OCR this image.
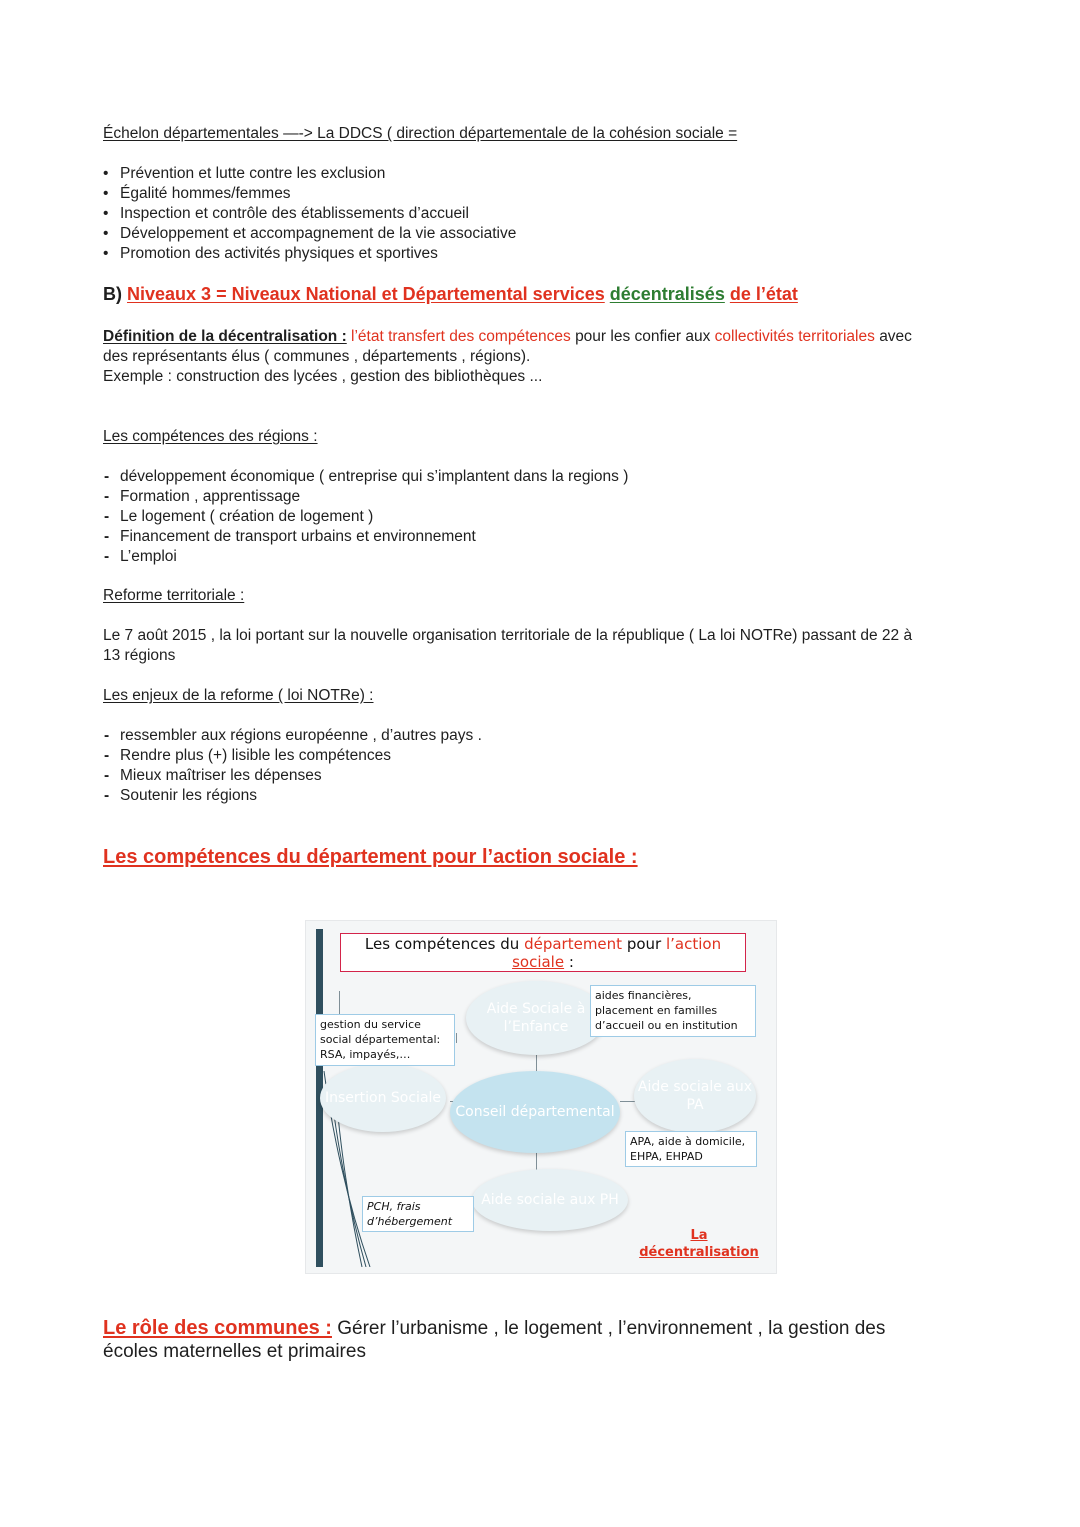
Échelon départementales —-> La DDCS ( direction départementale de la cohésion sociale =
• Prévention et lutte contre les exclusion
• Égalité hommes/femmes
• Inspection et contrôle des établissements d’accueil
• Développement et accompagnement de la vie associative
• Promotion des activités physiques et sportives
B) Niveaux 3 = Niveaux National et Départemental services décentralisés de l’état
Définition de la décentralisation : l’état transfert des compétences pour les confier aux collectivités territoriales avec
des représentants élus ( communes , départements , régions).
Exemple : construction des lycées , gestion des bibliothèques ...
Les compétences des régions :
- développement économique ( entreprise qui s’implantent dans la regions )
- Formation , apprentissage
- Le logement ( création de logement )
- Financement de transport urbains et environnement
- L’emploi
Reforme territoriale :
Le 7 août 2015 , la loi portant sur la nouvelle organisation territoriale de la république ( La loi NOTRe) passant de 22 à
13 régions
Les enjeux de la reforme ( loi NOTRe) :
- ressembler aux régions européenne , d’autres pays .
- Rendre plus (+) lisible les compétences
- Mieux maîtriser les dépenses
- Soutenir les régions
Les compétences du département pour l’action sociale :
Les compétences du département pour l’action
sociale :
Aide Sociale à l’Enfance
Insertion Sociale
Conseil départemental
Aide sociale aux PA
Aide sociale aux PH
aides financières, placement en familles d’accueil ou en institution
gestion du service social départemental: RSA, impayés,…
APA, aide à domicile, EHPA, EHPAD
PCH, frais d’hébergement
La
décentralisation
Le rôle des communes : Gérer l’urbanisme , le logement , l’environnement , la gestion des
écoles maternelles et primaires
